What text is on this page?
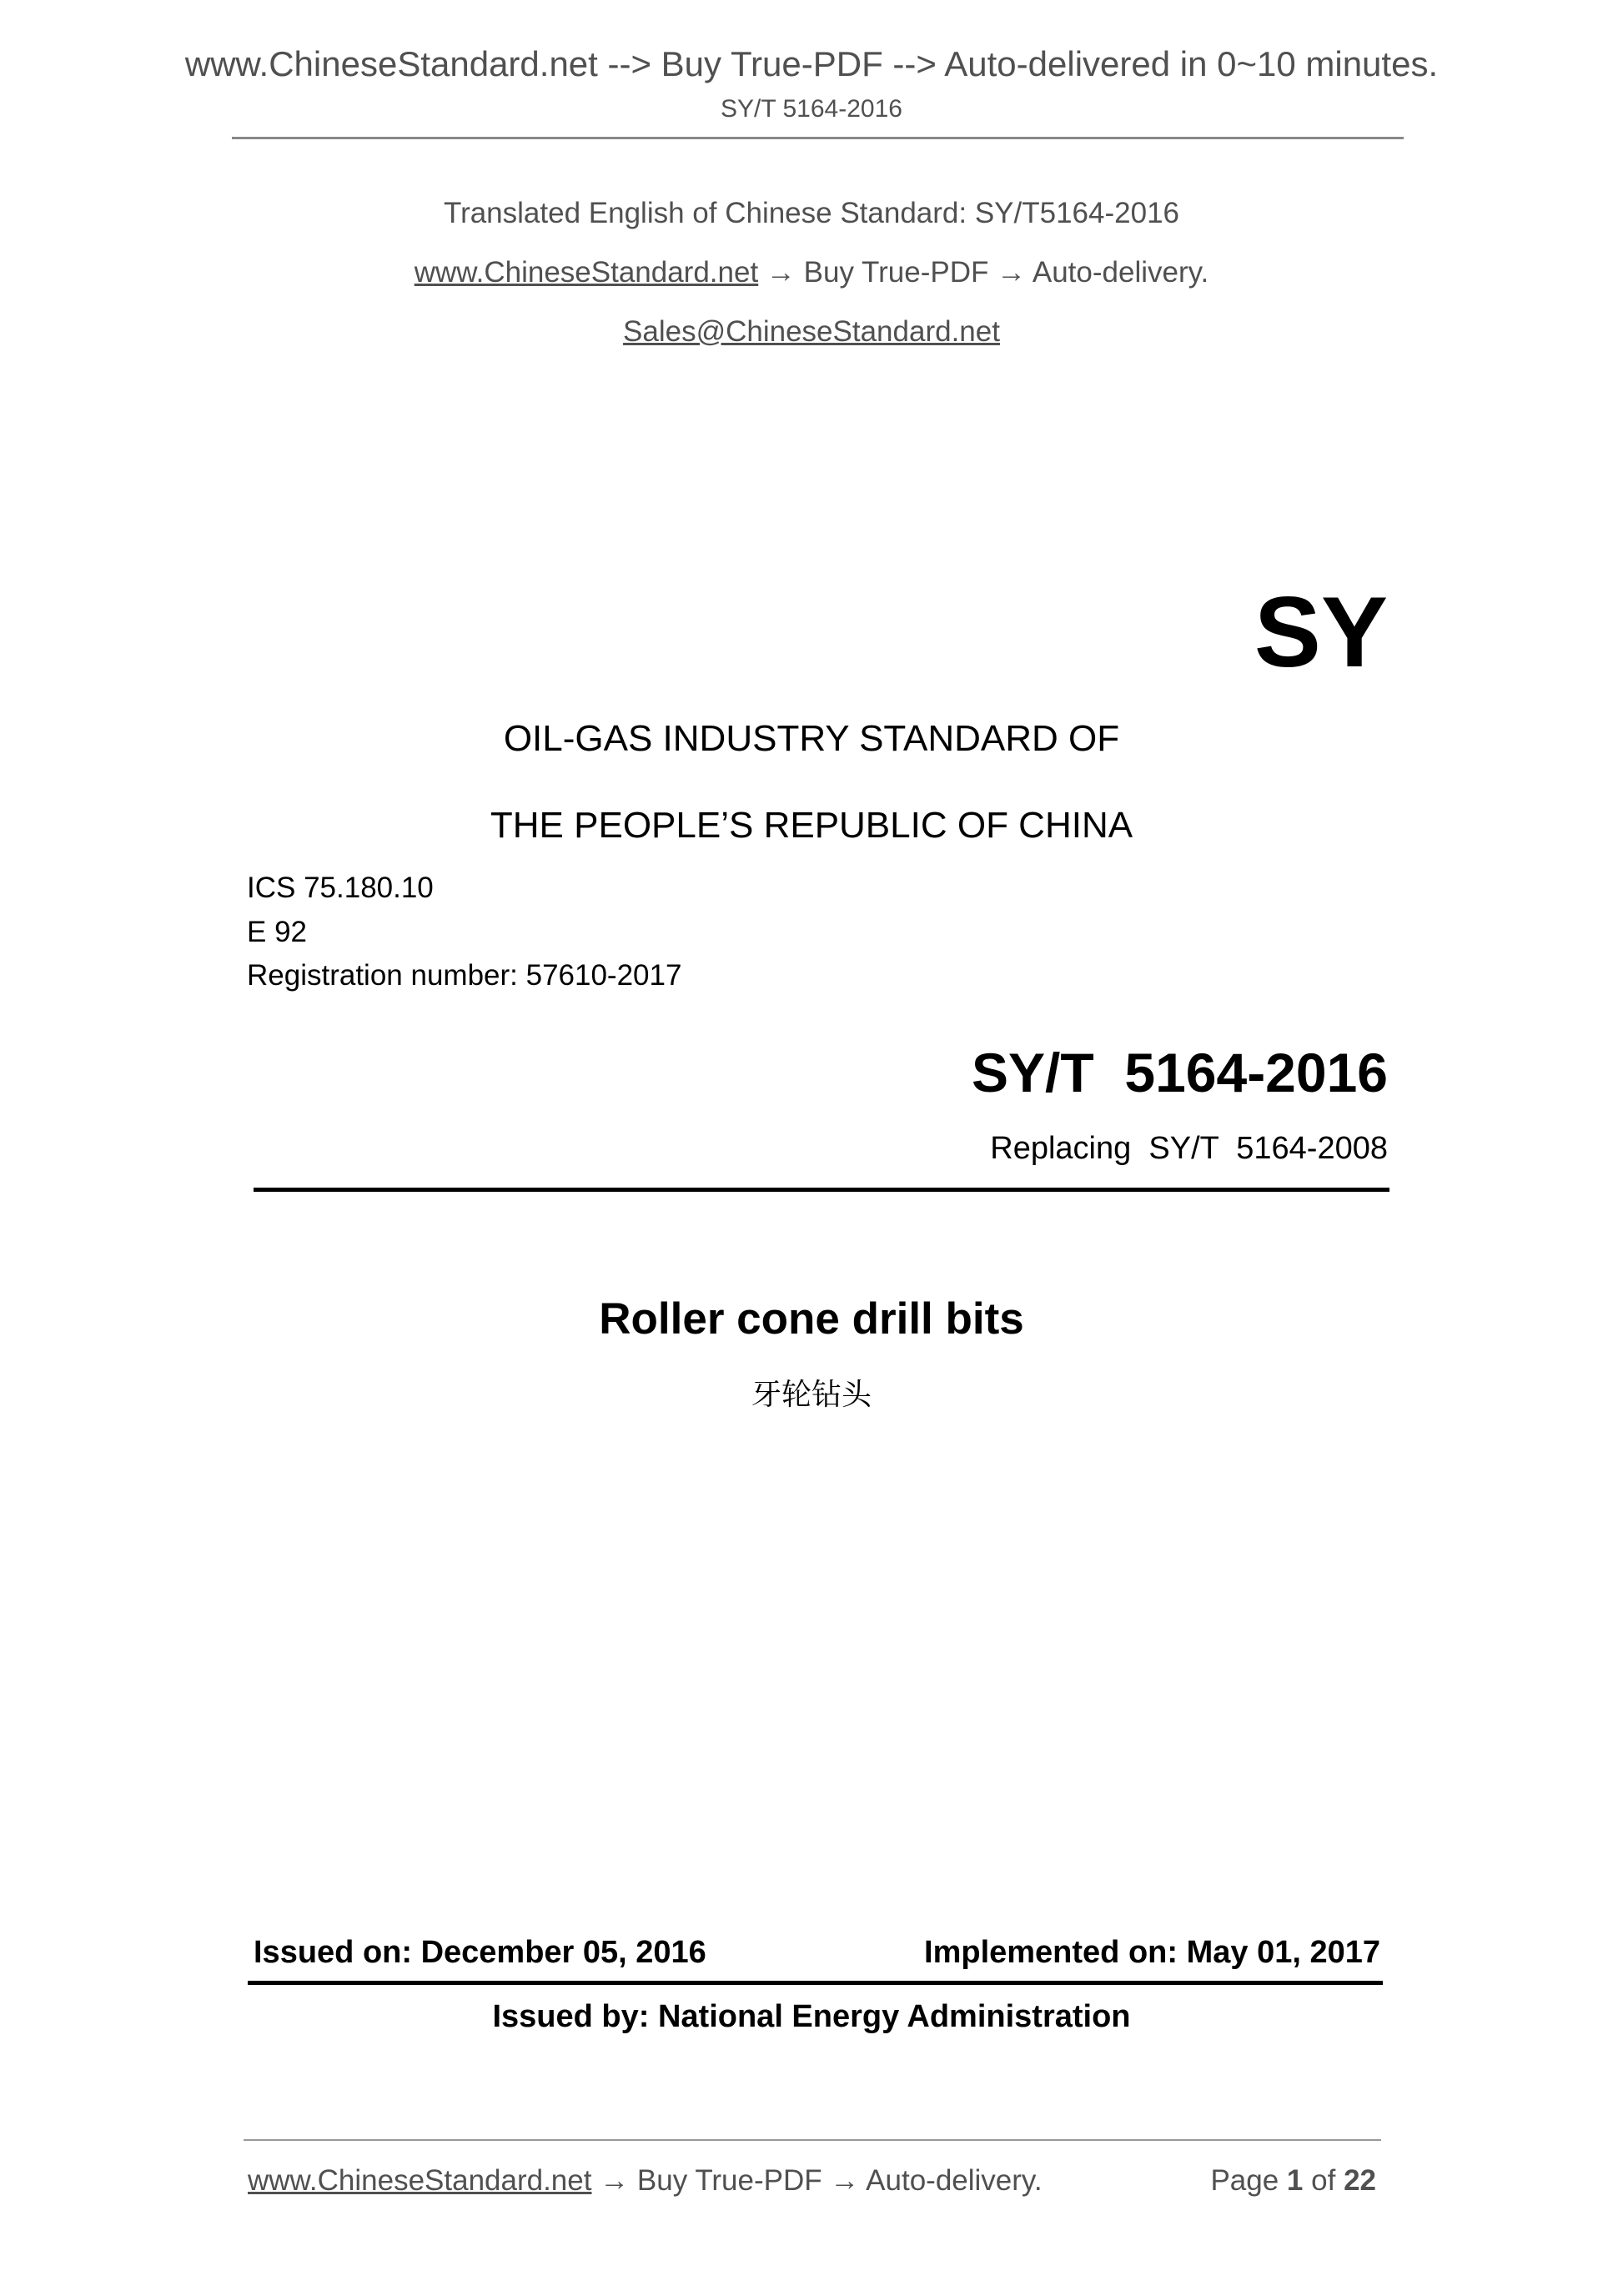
www.ChineseStandard.net --> Buy True-PDF --> Auto-delivered in 0~10 minutes.
SY/T 5164-2016
Translated English of Chinese Standard: SY/T5164-2016
www.ChineseStandard.net → Buy True-PDF → Auto-delivery.
Sales@ChineseStandard.net
SY
OIL-GAS INDUSTRY STANDARD OF
THE PEOPLE’S REPUBLIC OF CHINA
ICS 75.180.10
E 92
Registration number: 57610-2017
SY/T  5164-2016
Replacing  SY/T  5164-2008
Roller cone drill bits
牙轮钻头
Issued on: December 05, 2016	Implemented on: May 01, 2017
Issued by: National Energy Administration
www.ChineseStandard.net → Buy True-PDF → Auto-delivery.	Page 1 of 22
